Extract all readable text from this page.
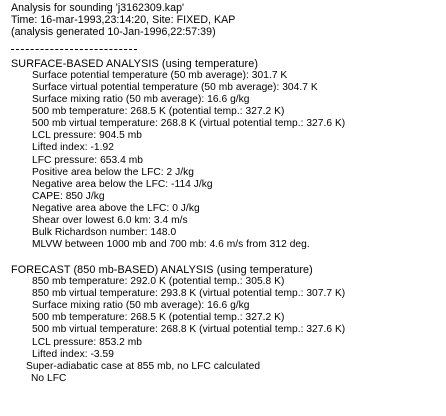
Analysis for sounding 'j3162309.kap'
Time: 16-mar-1993,23:14:20, Site: FIXED, KAP
(analysis generated 10-Jan-1996,22:57:39)
SURFACE-BASED ANALYSIS (using temperature)
Surface potential temperature (50 mb average): 301.7 K
Surface virtual potential temperature (50 mb average): 304.7 K
Surface mixing ratio (50 mb average): 16.6 g/kg
500 mb temperature: 268.5 K (potential temp.: 327.2 K)
500 mb virtual temperature: 268.8 K (virtual potential temp.: 327.6 K)
LCL pressure: 904.5 mb
Lifted index: -1.92
LFC pressure: 653.4 mb
Positive area below the LFC: 2 J/kg
Negative area below the LFC: -114 J/kg
CAPE: 850 J/kg
Negative area above the LFC: 0 J/kg
Shear over lowest 6.0 km: 3.4 m/s
Bulk Richardson number: 148.0
MLVW between 1000 mb and 700 mb: 4.6 m/s from 312 deg.
FORECAST (850 mb-BASED) ANALYSIS (using temperature)
850 mb temperature: 292.0 K (potential temp.: 305.8 K)
850 mb virtual temperature: 293.8 K (virtual potential temp.: 307.7 K)
Surface mixing ratio (50 mb average): 16.6 g/kg
500 mb temperature: 268.5 K (potential temp.: 327.2 K)
500 mb virtual temperature: 268.8 K (virtual potential temp.: 327.6 K)
LCL pressure: 853.2 mb
Lifted index: -3.59
Super-adiabatic case at 855 mb, no LFC calculated
No LFC
